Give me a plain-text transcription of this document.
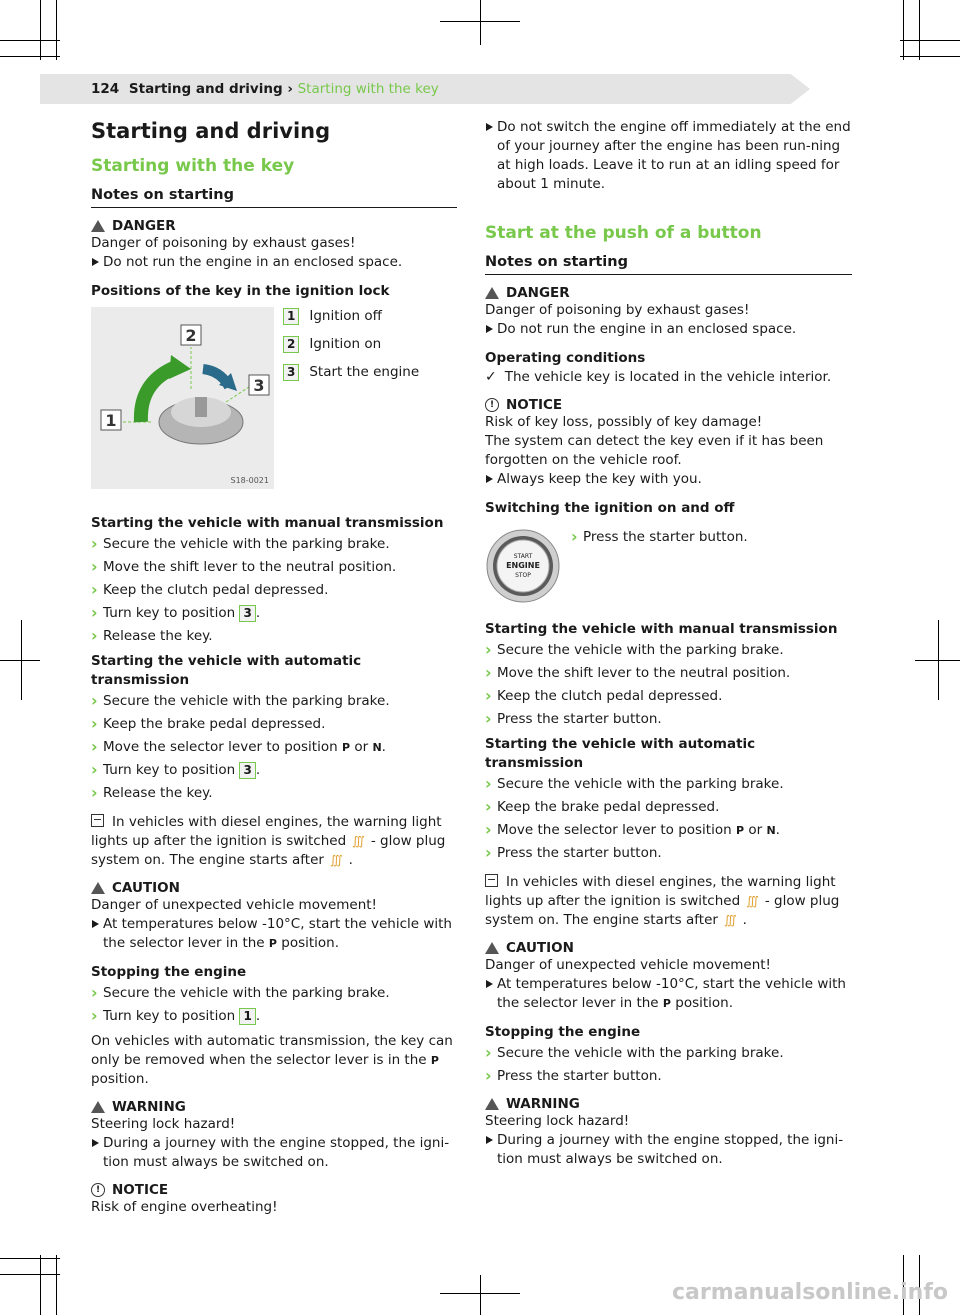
124 Starting and driving › Starting with the key
Starting and driving
Starting with the key
Notes on starting
DANGER

Danger of poisoning by exhaust gases!

Do not run the engine in an enclosed space.

Positions of the key in the ignition lock

1
2
3
S18-0021
1 Ignition off
2 Ignition on
3 Start the engine

Starting the vehicle with manual transmission

› Secure the vehicle with the parking brake.

› Move the shift lever to the neutral position.

› Keep the clutch pedal depressed.

› Turn key to position 3 .

› Release the key.

Starting the vehicle with automatic transmission

› Secure the vehicle with the parking brake.

› Keep the brake pedal depressed.

› Move the selector lever to position P or N.

› Turn key to position 3 .

› Release the key.

In vehicles with diesel engines, the warning light lights up after the ignition is switched ∭ - glow plug system on. The engine starts after ∭ .

CAUTION

Danger of unexpected vehicle movement!

At temperatures below -10°C, start the vehicle with the selector lever in the P position.

Stopping the engine

› Secure the vehicle with the parking brake.

› Turn key to position 1 .

On vehicles with automatic transmission, the key can only be removed when the selector lever is in the P position.

WARNING

Steering lock hazard!

During a journey with the engine stopped, the igni-tion must always be switched on.

! NOTICE

Risk of engine overheating!

Do not switch the engine off immediately at the end of your journey after the engine has been run-ning at high loads. Leave it to run at an idling speed for about 1 minute.

Start at the push of a button
Notes on starting
DANGER

Danger of poisoning by exhaust gases!

Do not run the engine in an enclosed space.

Operating conditions

✓ The vehicle key is located in the vehicle interior.

! NOTICE

Risk of key loss, possibly of key damage!

The system can detect the key even if it has been forgotten on the vehicle roof.

Always keep the key with you.

Switching the ignition on and off

START
ENGINE
STOP

› Press the starter button.

Starting the vehicle with manual transmission

› Secure the vehicle with the parking brake.

› Move the shift lever to the neutral position.

› Keep the clutch pedal depressed.

› Press the starter button.

Starting the vehicle with automatic transmission

› Secure the vehicle with the parking brake.

› Keep the brake pedal depressed.

› Move the selector lever to position P or N.

› Press the starter button.

In vehicles with diesel engines, the warning light lights up after the ignition is switched ∭ - glow plug system on. The engine starts after ∭ .

CAUTION

Danger of unexpected vehicle movement!

At temperatures below -10°C, start the vehicle with the selector lever in the P position.

Stopping the engine

› Secure the vehicle with the parking brake.

› Press the starter button.

WARNING

Steering lock hazard!

During a journey with the engine stopped, the igni-tion must always be switched on.

carmanualsonline.info
